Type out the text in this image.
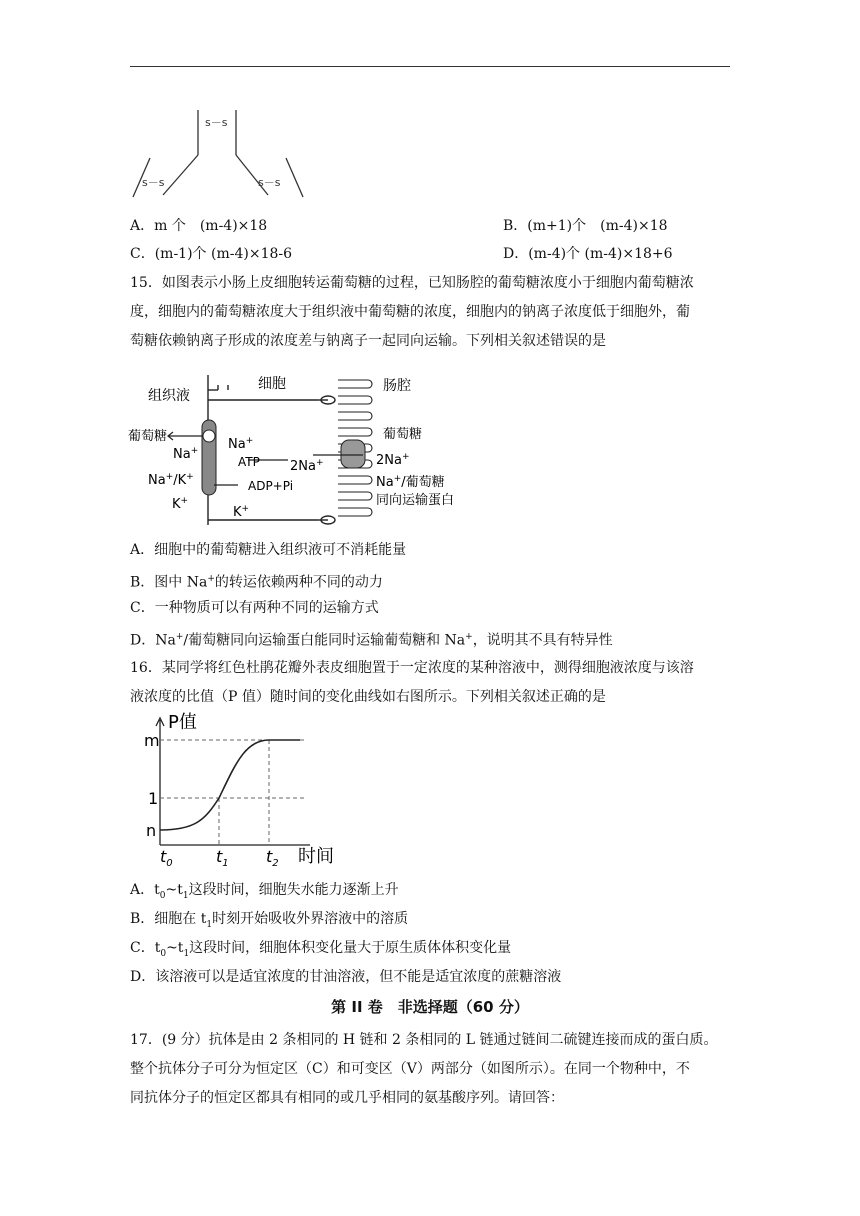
s－s
s－s	s－s
A．m 个　(m-4)×18	B．(m+1)个　(m-4)×18
C．(m-1)个 (m-4)×18-6	D．(m-4)个 (m-4)×18+6
15．如图表示小肠上皮细胞转运葡萄糖的过程，已知肠腔的葡萄糖浓度小于细胞内葡萄糖浓
度，细胞内的葡萄糖浓度大于组织液中葡萄糖的浓度，细胞内的钠离子浓度低于细胞外，葡
萄糖依赖钠离子形成的浓度差与钠离子一起同向运输。下列相关叙述错误的是
组织液
细胞	肠腔
葡萄糖	葡萄糖
Na+ Na+
ATP
Na+/K+
ADP+Pi
K+
K+
2Na+	2Na+
Na+/葡萄糖
同向运输蛋白
A．细胞中的葡萄糖进入组织液可不消耗能量
B．图中 Na+的转运依赖两种不同的动力
C．一种物质可以有两种不同的运输方式
D．Na+/葡萄糖同向运输蛋白能同时运输葡萄糖和 Na+，说明其不具有特异性
16．某同学将红色杜鹃花瓣外表皮细胞置于一定浓度的某种溶液中，测得细胞液浓度与该溶
液浓度的比值（P 值）随时间的变化曲线如右图所示。下列相关叙述正确的是
P值
m
1
n
$t_0$	$t_1$ $t_2$ 时间
A．$t_0\sim t_1$这段时间，细胞失水能力逐渐上升
B．细胞在 $t_1$时刻开始吸收外界溶液中的溶质
C．$t_0\sim t_1$这段时间，细胞体积变化量大于原生质体体积变化量
D．该溶液可以是适宜浓度的甘油溶液，但不能是适宜浓度的蔗糖溶液
第 II 卷　非选择题（60 分）
17．(9 分）抗体是由 2 条相同的 H 链和 2 条相同的 L 链通过链间二硫键连接而成的蛋白质。
整个抗体分子可分为恒定区（C）和可变区（V）两部分（如图所示）。在同一个物种中，不
同抗体分子的恒定区都具有相同的或几乎相同的氨基酸序列。请回答：
